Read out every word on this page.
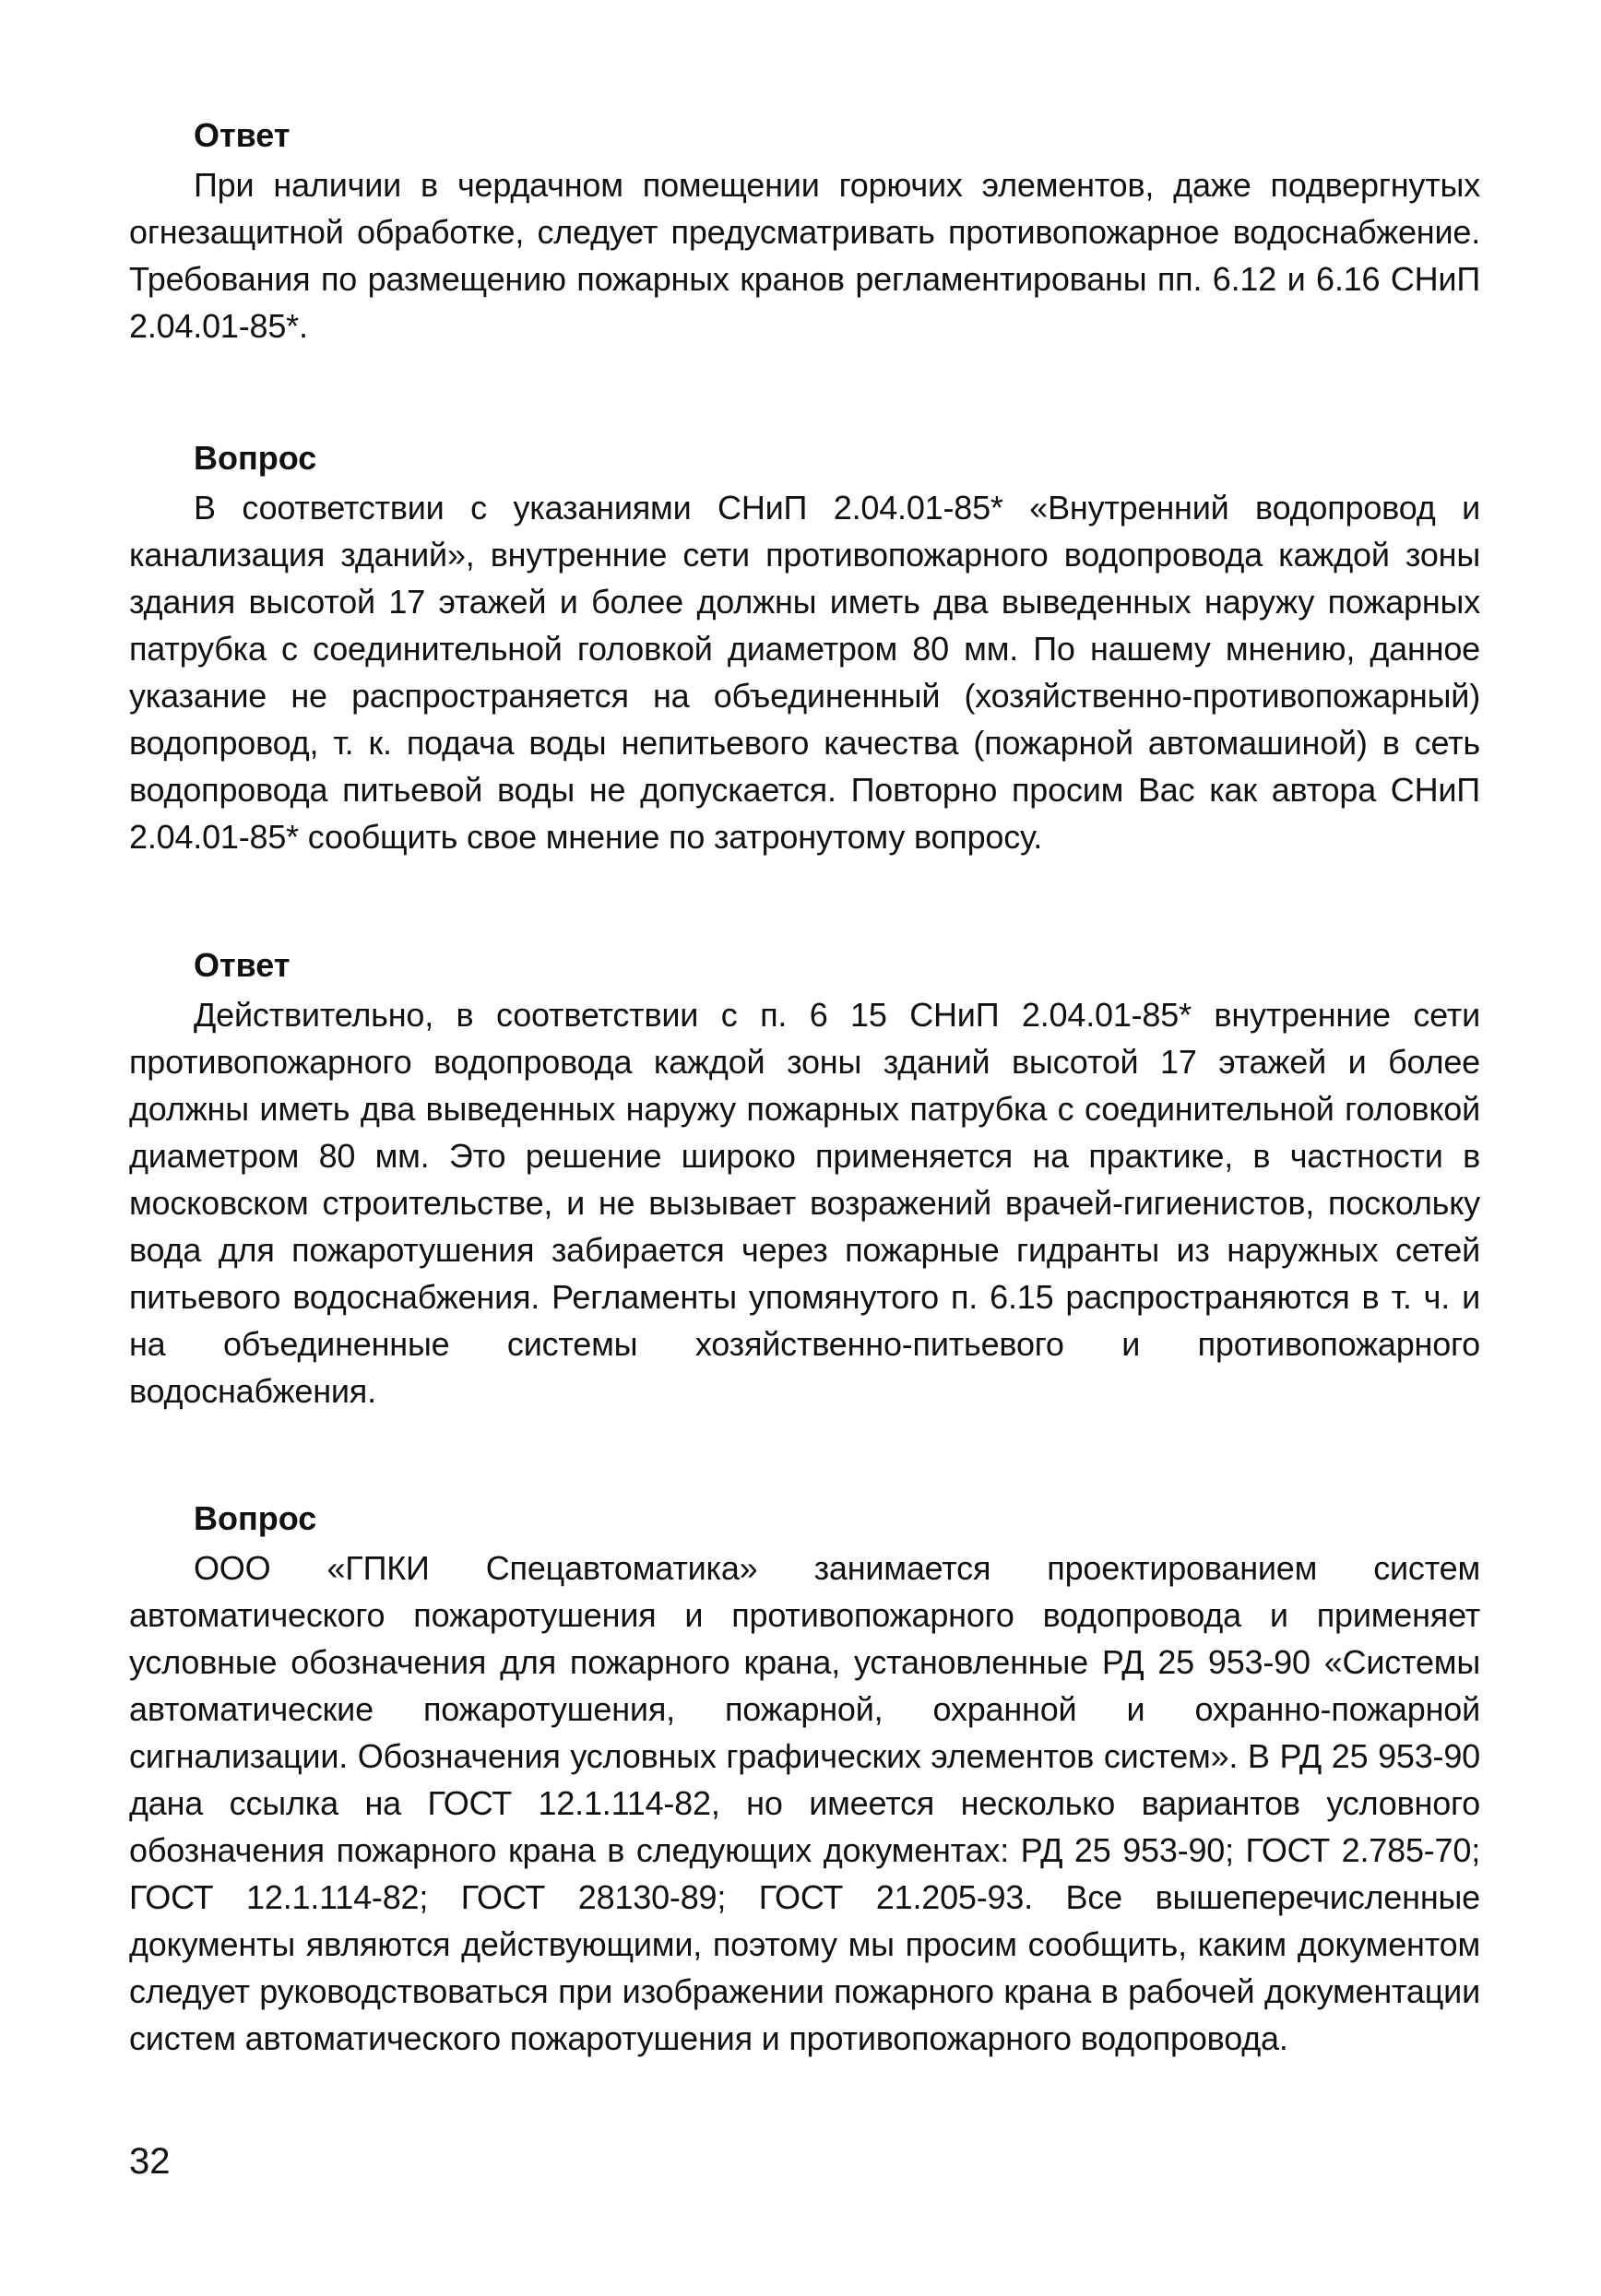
Ответ

При наличии в чердачном помещении горючих элементов, даже подвергнутых огнезащитной обработке, следует предусматривать противопожарное водоснабжение. Требования по размещению пожарных кранов регламентированы пп. 6.12 и 6.16 СНиП 2.04.01-85*.

Вопрос

В соответствии с указаниями СНиП 2.04.01-85* «Внутренний водопровод и канализация зданий», внутренние сети противопожарного водопровода каждой зоны здания высотой 17 этажей и более должны иметь два выведенных наружу пожарных патрубка с соединительной головкой диаметром 80 мм. По нашему мнению, данное указание не распространяется на объединенный (хозяйственно-противопожарный) водопровод, т. к. подача воды непитьевого качества (пожарной автомашиной) в сеть водопровода питьевой воды не допускается. Повторно просим Вас как автора СНиП 2.04.01-85* сообщить свое мнение по затронутому вопросу.

Ответ

Действительно, в соответствии с п. 6 15 СНиП 2.04.01-85* внутренние сети противопожарного водопровода каждой зоны зданий высотой 17 этажей и более должны иметь два выведенных наружу пожарных патрубка с соединительной головкой диаметром 80 мм. Это решение широко применяется на практике, в частности в московском строительстве, и не вызывает возражений врачей-гигиенистов, поскольку вода для пожаротушения забирается через пожарные гидранты из наружных сетей питьевого водоснабжения. Регламенты упомянутого п. 6.15 распространяются в т. ч. и на объединенные системы хозяйственно-питьевого и противопожарного водоснабжения.

Вопрос

ООО «ГПКИ Спецавтоматика» занимается проектированием систем автоматического пожаротушения и противопожарного водопровода и применяет условные обозначения для пожарного крана, установленные РД 25 953-90 «Системы автоматические пожаротушения, пожарной, охранной и охранно-пожарной сигнализации. Обозначения условных графических элементов систем». В РД 25 953-90 дана ссылка на ГОСТ 12.1.114-82, но имеется несколько вариантов условного обозначения пожарного крана в следующих документах: РД 25 953-90; ГОСТ 2.785-70; ГОСТ 12.1.114-82; ГОСТ 28130-89; ГОСТ 21.205-93. Все вышеперечисленные документы являются действующими, поэтому мы просим сообщить, каким документом следует руководствоваться при изображении пожарного крана в рабочей документации систем автоматического пожаротушения и противопожарного водопровода.

32
